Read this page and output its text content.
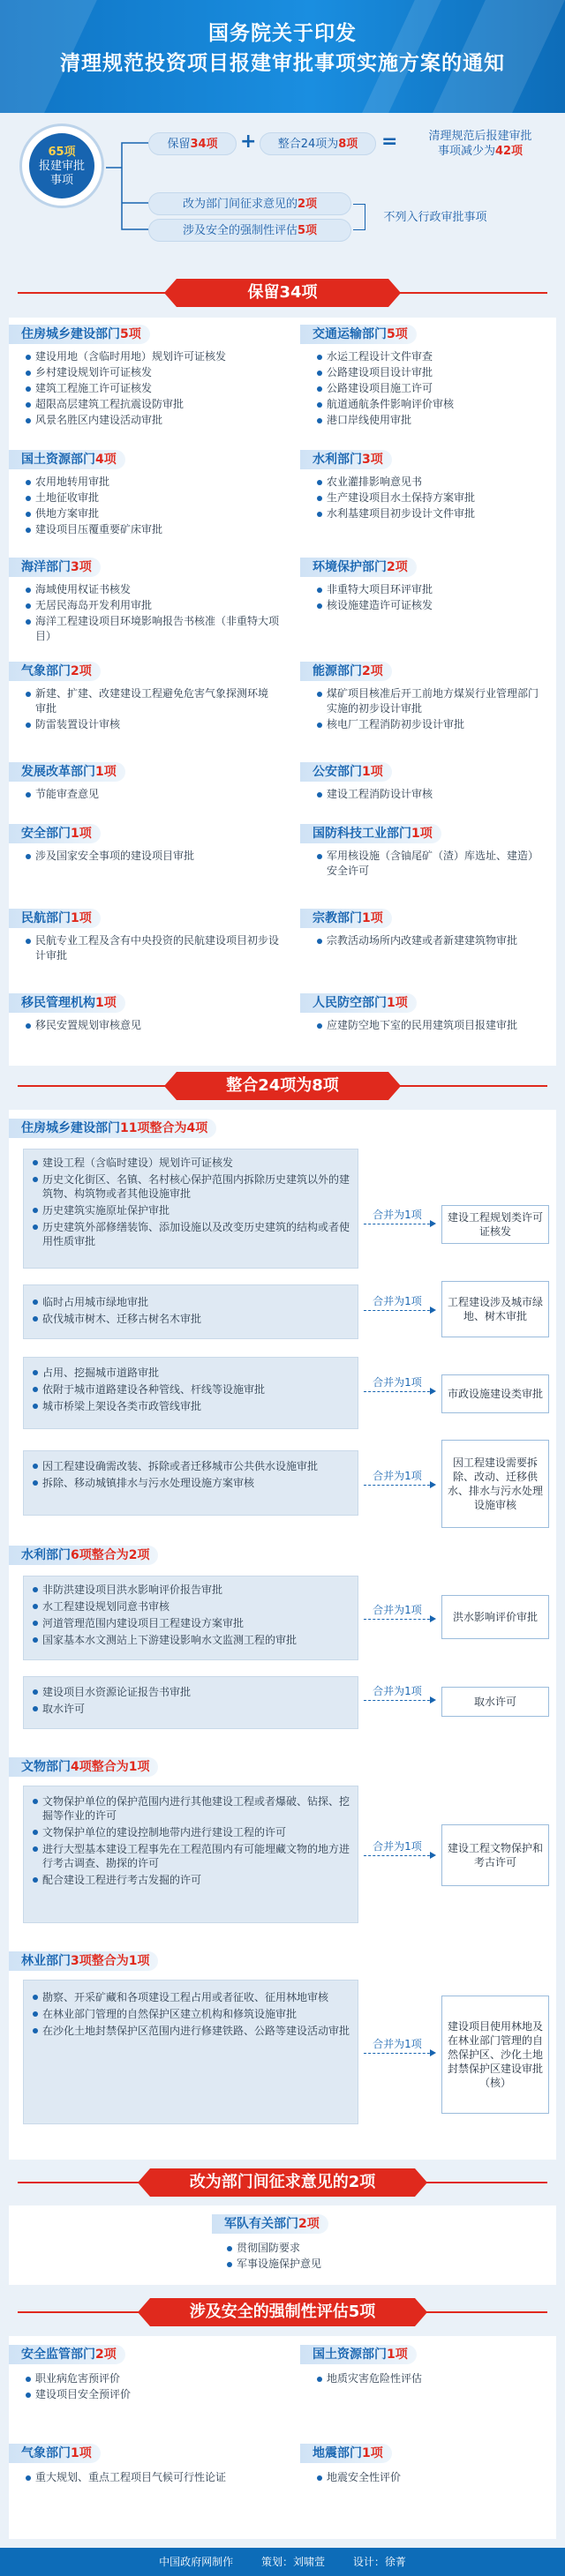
国务院关于印发
清理规范投资项目报建审批事项实施方案的通知
65项
报建审批
事项
保留34项	+	整合24项为8项	=	清理规范后报建审批
事项减少为42项
改为部门间征求意见的2项
涉及安全的强制性评估5项
不列入行政审批事项
保留34项
住房城乡建设部门5项
建设用地（含临时用地）规划许可证核发
乡村建设规划许可证核发
建筑工程施工许可证核发
超限高层建筑工程抗震设防审批
风景名胜区内建设活动审批
交通运输部门5项
水运工程设计文件审查
公路建设项目设计审批
公路建设项目施工许可
航道通航条件影响评价审核
港口岸线使用审批
国土资源部门4项
农用地转用审批
土地征收审批
供地方案审批
建设项目压覆重要矿床审批
水利部门3项
农业灌排影响意见书
生产建设项目水土保持方案审批
水利基建项目初步设计文件审批
海洋部门3项
海域使用权证书核发
无居民海岛开发利用审批
海洋工程建设项目环境影响报告书核准（非重特大项目）
环境保护部门2项
非重特大项目环评审批
核设施建造许可证核发
气象部门2项
新建、扩建、改建建设工程避免危害气象探测环境审批
防雷装置设计审核
能源部门2项
煤矿项目核准后开工前地方煤炭行业管理部门实施的初步设计审批
核电厂工程消防初步设计审批
发展改革部门1项
节能审查意见
公安部门1项
建设工程消防设计审核
安全部门1项
涉及国家安全事项的建设项目审批
国防科技工业部门1项
军用核设施（含铀尾矿（渣）库选址、建造）安全许可
民航部门1项
民航专业工程及含有中央投资的民航建设项目初步设计审批
宗教部门1项
宗教活动场所内改建或者新建建筑物审批
移民管理机构1项
移民安置规划审核意见
人民防空部门1项
应建防空地下室的民用建筑项目报建审批
整合24项为8项
住房城乡建设部门11项整合为4项
建设工程（含临时建设）规划许可证核发
历史文化街区、名镇、名村核心保护范围内拆除历史建筑以外的建筑物、构筑物或者其他设施审批
历史建筑实施原址保护审批
历史建筑外部修缮装饰、添加设施以及改变历史建筑的结构或者使用性质审批
合并为1项	建设工程规划类许可证核发
临时占用城市绿地审批
砍伐城市树木、迁移古树名木审批
合并为1项	工程建设涉及城市绿地、树木审批
占用、挖掘城市道路审批
依附于城市道路建设各种管线、杆线等设施审批
城市桥梁上架设各类市政管线审批
合并为1项
市政设施建设类审批
因工程建设确需改装、拆除或者迁移城市公共供水设施审批
拆除、移动城镇排水与污水处理设施方案审核
合并为1项
因工程建设需要拆除、改动、迁移供水、排水与污水处理设施审核
水利部门6项整合为2项
非防洪建设项目洪水影响评价报告审批
水工程建设规划同意书审核
河道管理范围内建设项目工程建设方案审批
国家基本水文测站上下游建设影响水文监测工程的审批
合并为1项
洪水影响评价审批
建设项目水资源论证报告书审批
取水许可
合并为1项
取水许可
文物部门4项整合为1项
文物保护单位的保护范围内进行其他建设工程或者爆破、钻探、挖掘等作业的许可
文物保护单位的建设控制地带内进行建设工程的许可
进行大型基本建设工程事先在工程范围内有可能埋藏文物的地方进行考古调查、勘探的许可
配合建设工程进行考古发掘的许可
合并为1项	建设工程文物保护和考古许可
林业部门3项整合为1项
勘察、开采矿藏和各项建设工程占用或者征收、征用林地审核
在林业部门管理的自然保护区建立机构和修筑设施审批
在沙化土地封禁保护区范围内进行修建铁路、公路等建设活动审批
合并为1项
建设项目使用林地及在林业部门管理的自然保护区、沙化土地封禁保护区建设审批（核）
改为部门间征求意见的2项
军队有关部门2项
贯彻国防要求
军事设施保护意见
涉及安全的强制性评估5项
安全监管部门2项
职业病危害预评价
建设项目安全预评价
国土资源部门1项
地质灾害危险性评估
气象部门1项
重大规划、重点工程项目气候可行性论证
地震部门1项
地震安全性评价
中国政府网制作	策划：刘啸萱	设计：徐菁
